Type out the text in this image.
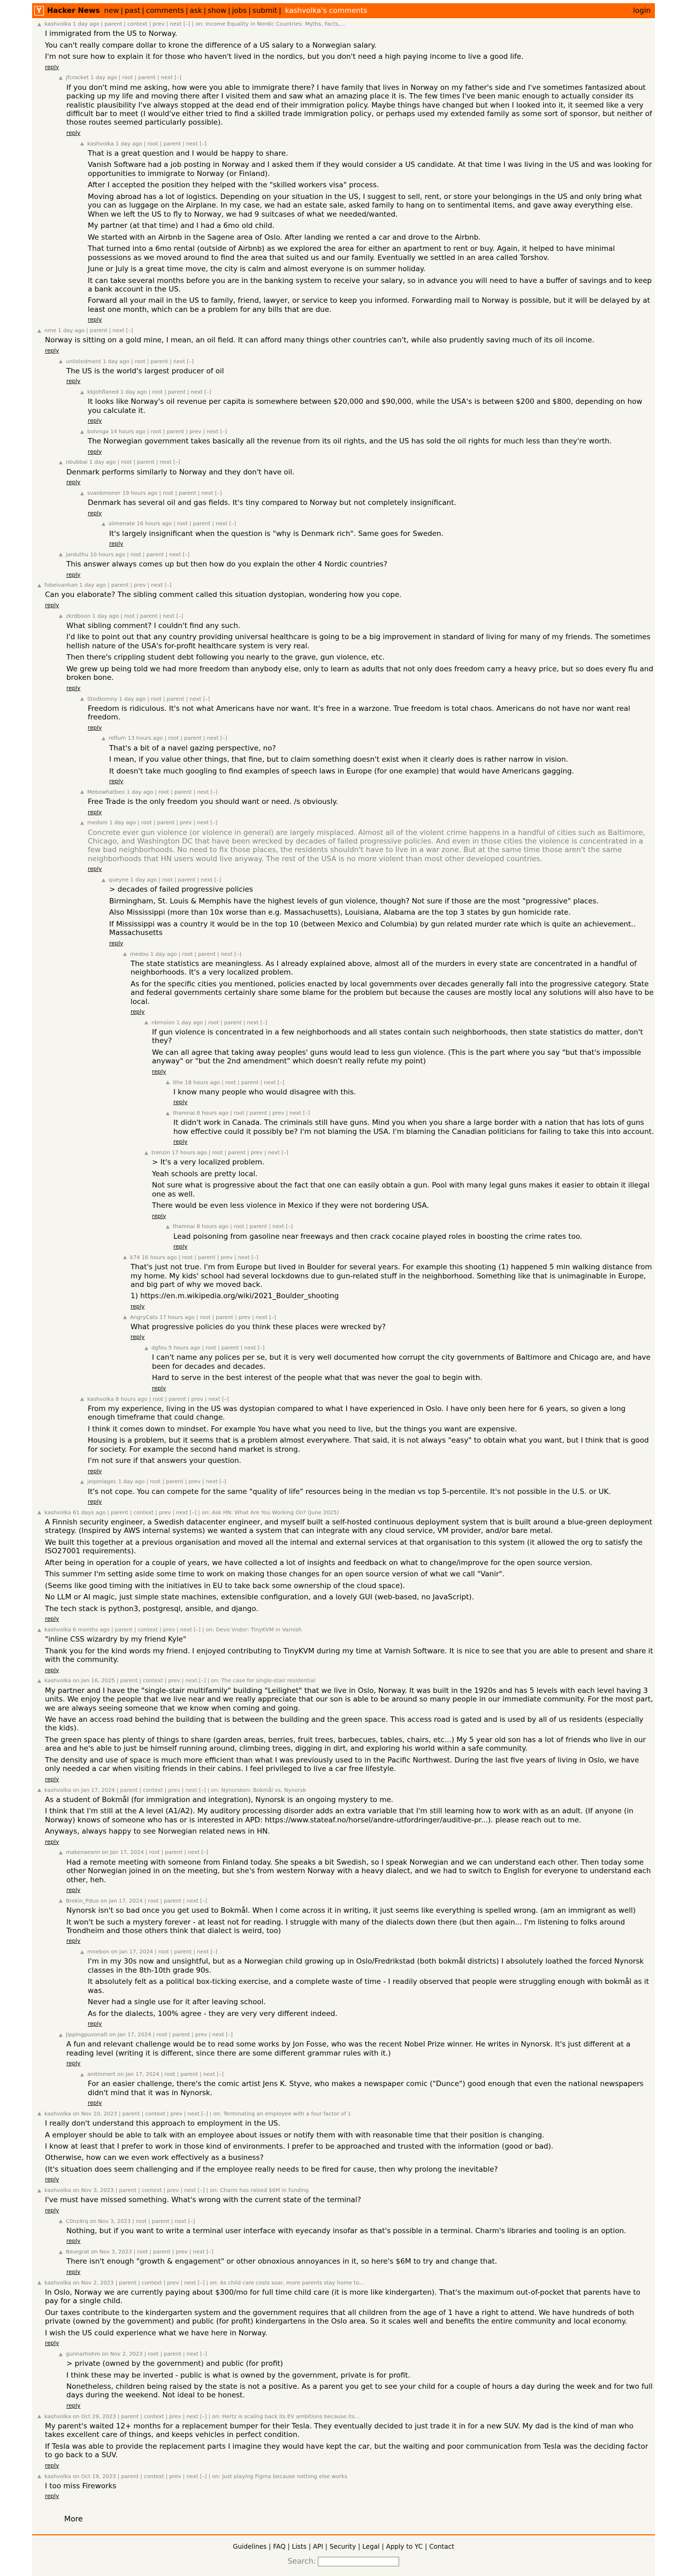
Y Hacker News new | past | comments | ask | show | jobs | submit | kashvolka's comments	login
▲ kashvolka 1 day ago | parent | context | prev | next [–] | on: Income Equality in Nordic Countries: Myths, Facts,...

I immigrated from the US to Norway.

You can't really compare dollar to krone the difference of a US salary to a Norwegian salary.

I'm not sure how to explain it for those who haven't lived in the nordics, but you don't need a high paying income to live a good life.

reply
▲ jfcrocket 1 day ago | root | parent | next [–]

If you don't mind me asking, how were you able to immigrate there? I have family that lives in Norway on my father's side and I've sometimes fantasized about packing up my life and moving there after I visited them and saw what an amazing place it is. The few times I've been manic enough to actually consider its realistic plausibility I've always stopped at the dead end of their immigration policy. Maybe things have changed but when I looked into it, it seemed like a very difficult bar to meet (I would've either tried to find a skilled trade immigration policy, or perhaps used my extended family as some sort of sponsor, but neither of those routes seemed particularly possible).

reply
▲ kashvolka 1 day ago | root | parent | next [–]

That is a great question and I would be happy to share.

Vanish Software had a job posting in Norway and I asked them if they would consider a US candidate. At that time I was living in the US and was looking for opportunities to immigrate to Norway (or Finland).

After I accepted the position they helped with the "skilled workers visa" process.

Moving abroad has a lot of logistics. Depending on your situation in the US, I suggest to sell, rent, or store your belongings in the US and only bring what you can as luggage on the Airplane. In my case, we had an estate sale, asked family to hang on to sentimental items, and gave away everything else. When we left the US to fly to Norway, we had 9 suitcases of what we needed/wanted.

My partner (at that time) and I had a 6mo old child.

We started with an Airbnb in the Sagene area of Oslo. After landing we rented a car and drove to the Airbnb.

That turned into a 6mo rental (outside of Airbnb) as we explored the area for either an apartment to rent or buy. Again, it helped to have minimal possessions as we moved around to find the area that suited us and our family. Eventually we settled in an area called Torshov.

June or July is a great time move, the city is calm and almost everyone is on summer holiday.

It can take several months before you are in the banking system to receive your salary, so in advance you will need to have a buffer of savings and to keep a bank account in the US.

Forward all your mail in the US to family, friend, lawyer, or service to keep you informed. Forwarding mail to Norway is possible, but it will be delayed by at least one month, which can be a problem for any bills that are due.

reply
▲ nme 1 day ago | parent | next [–]

Norway is sitting on a gold mine, I mean, an oil field. It can afford many things other countries can't, while also prudently saving much of its oil income.

reply
▲ unlistedment 1 day ago | root | parent | next [–]

The US is the world's largest producer of oil

reply
▲ kbjohflaned 1 day ago | root | parent | next [–]

It looks like Norway's oil revenue per capita is somewhere between $20,000 and $90,000, while the USA's is between $200 and $800, depending on how you calculate it.

reply
▲ bolvnga 14 hours ago | root | parent | prev | next [–]

The Norwegian government takes basically all the revenue from its oil rights, and the US has sold the oil rights for much less than they're worth.

reply
▲ nbubbai 1 day ago | root | parent | next [–]

Denmark performs similarly to Norway and they don't have oil.

reply
▲ svanbmoner 19 hours ago | root | parent | next [–]

Denmark has several oil and gas fields. It's tiny compared to Norway but not completely insignificant.

reply
▲ siimenate 16 hours ago | root | parent | next [–]

It's largely insignificant when the question is "why is Denmark rich". Same goes for Sweden.

reply
▲ jarduthu 10 hours ago | root | parent | next [–]

This answer always comes up but then how do you explain the other 4 Nordic countries?

reply
▲ fobeivanhan 1 day ago | parent | prev | next [–]

Can you elaborate? The sibling comment called this situation dystopian, wondering how you cope.

reply
▲ zkrdboon 1 day ago | root | parent | next [–]

What sibling comment? I couldn't find any such.

I'd like to point out that any country providing universal healthcare is going to be a big improvement in standard of living for many of my friends. The sometimes hellish nature of the USA's for-profit healthcare system is very real.

Then there's crippling student debt following you nearly to the grave, gun violence, etc.

We grew up being told we had more freedom than anybody else, only to learn as adults that not only does freedom carry a heavy price, but so does every flu and broken bone.

reply
▲ Stodkomny 1 day ago | root | parent | next [–]

Freedom is ridiculous. It's not what Americans have nor want. It's free in a warzone. True freedom is total chaos. Americans do not have nor want real freedom.

reply
▲ refium 13 hours ago | root | parent | next [–]

That's a bit of a navel gazing perspective, no?

I mean, if you value other things, that fine, but to claim something doesn't exist when it clearly does is rather narrow in vision.

It doesn't take much googling to find examples of speech laws in Europe (for one example) that would have Americans gagging.

reply
▲ Mebowhatbeo 1 day ago | root | parent | next [–]

Free Trade is the only freedom you should want or need. /s obviously.

reply
▲ medom 1 day ago | root | parent | prev | next [–]

Concrete ever gun violence (or violence in general) are largely misplaced. Almost all of the violent crime happens in a handful of cities such as Baltimore, Chicago, and Washington DC that have been wrecked by decades of failed progressive policies. And even in those cities the violence is concentrated in a few bad neighborhoods. No need to fix those places, the residents shouldn't have to live in a war zone. But at the same time those aren't the same neighborhoods that HN users would live anyway. The rest of the USA is no more violent than most other developed countries.

reply
▲ queyne 1 day ago | root | parent | next [–]

> decades of failed progressive policies

Birmingham, St. Louis & Memphis have the highest levels of gun violence, though? Not sure if those are the most "progressive" places.

Also Mississippi (more than 10x worse than e.g. Massachusetts), Louisiana, Alabama are the top 3 states by gun homicide rate.

If Mississippi was a country it would be in the top 10 (between Mexico and Columbia) by gun related murder rate which is quite an achievement.. Massachusetts

reply
▲ medou 1 day ago | root | parent | next [–]

The state statistics are meaningless. As I already explained above, almost all of the murders in every state are concentrated in a handful of neighborhoods. It's a very localized problem.

As for the specific cities you mentioned, policies enacted by local governments over decades generally fall into the progressive category. State and federal governments certainly share some blame for the problem but because the causes are mostly local any solutions will also have to be local.

reply
▲ nbrnsion 1 day ago | root | parent | next [–]

If gun violence is concentrated in a few neighborhoods and all states contain such neighborhoods, then state statistics do matter, don't they?

We can all agree that taking away peoples' guns would lead to less gun violence. (This is the part where you say "but that's impossible anyway" or "but the 2nd amendment" which doesn't really refute my point)

reply
▲ ithe 18 hours ago | root | parent | next [–]

I know many people who would disagree with this.

reply
▲ thamnai 8 hours ago | root | parent | prev | next [–]

It didn't work in Canada. The criminals still have guns. Mind you when you share a large border with a nation that has lots of guns how effective could it possibly be? I'm not blaming the USA. I'm blaming the Canadian politicians for failing to take this into account.

reply
▲ trenzin 17 hours ago | root | parent | prev | next [–]

> It's a very localized problem.

Yeah schools are pretty local.

Not sure what is progressive about the fact that one can easily obtain a gun. Pool with many legal guns makes it easier to obtain it illegal one as well.

There would be even less violence in Mexico if they were not bordering USA.

reply
▲ thamnai 8 hours ago | root | parent | next [–]

Lead poisoning from gasoline near freeways and then crack cocaine played roles in boosting the crime rates too.

reply
▲ k74 16 hours ago | root | parent | prev | next [–]

That's just not true. I'm from Europe but lived in Boulder for several years. For example this shooting (1) happened 5 min walking distance from my home. My kids' school had several lockdowns due to gun-related stuff in the neighborhood. Something like that is unimaginable in Europe, and big part of why we moved back.

1) https://en.m.wikipedia.org/wiki/2021_Boulder_shooting

reply
▲ AngryCats 17 hours ago | root | parent | prev | next [–]

What progressive policies do you think these places were wrecked by?

reply
▲ dgfou 5 hours ago | root | parent | next [–]

I can't name any polices per se, but it is very well documented how corrupt the city governments of Baltimore and Chicago are, and have been for decades and decades.

Hard to serve in the best interest of the people what that was never the goal to begin with.

reply
▲ kashvolka 8 hours ago | root | parent | prev | next [–]

From my experience, living in the US was dystopian compared to what I have experienced in Oslo. I have only been here for 6 years, so given a long enough timeframe that could change.

I think it comes down to mindset. For example You have what you need to live, but the things you want are expensive.

Housing is a problem, but it seems that is a problem almost everywhere. That said, it is not always "easy" to obtain what you want, but I think that is good for society. For example the second hand market is strong.

I'm not sure if that answers your question.

reply
▲ jeqonlagec 1 day ago | root | parent | prev | next [–]

It's not cope. You can compete for the same "quality of life" resources being in the median vs top 5-percentile. It's not possible in the U.S. or UK.

reply
▲ kashvolka 61 days ago | parent | context | prev | next [–] | on: Ask HN: What Are You Working On? (June 2025)

A Finnish security engineer, a Swedish datacenter engineer, and myself built a self-hosted continuous deployment system that is built around a blue-green deployment strategy. (Inspired by AWS internal systems) we wanted a system that can integrate with any cloud service, VM provider, and/or bare metal.

We built this together at a previous organisation and moved all the internal and external services at that organisation to this system (it allowed the org to satisfy the ISO27001 requirements).

After being in operation for a couple of years, we have collected a lot of insights and feedback on what to change/improve for the open source version.

This summer I'm setting aside some time to work on making those changes for an open source version of what we call "Vanir".

(Seems like good timing with the initiatives in EU to take back some ownership of the cloud space).

No LLM or AI magic, just simple state machines, extensible configuration, and a lovely GUI (web-based, no JavaScript).

The tech stack is python3, postgresql, ansible, and django.

reply
▲ kashvolka 6 months ago | parent | context | prev | next [–] | on: Devo Vndor: TinyKVM in Varnish

"inline CSS wizardry by my friend Kyle"

Thank you for the kind words my friend. I enjoyed contributing to TinyKVM during my time at Varnish Software. It is nice to see that you are able to present and share it with the community.

reply
▲ kashvolka on Jan 16, 2025 | parent | context | prev | next [–] | on: The case for single-stair residential

My partner and I have the "single-stair multifamily" building "Leilighet" that we live in Oslo, Norway. It was built in the 1920s and has 5 levels with each level having 3 units. We enjoy the people that we live near and we really appreciate that our son is able to be around so many people in our immediate community. For the most part, we are always seeing someone that we know when coming and going.

We have an access road behind the building that is between the building and the green space. This access road is gated and is used by all of us residents (especially the kids).

The green space has plenty of things to share (garden areas, berries, fruit trees, barbecues, tables, chairs, etc...) My 5 year old son has a lot of friends who live in our area and he's able to just be himself running around, climbing trees, digging in dirt, and exploring his world within a safe community.

The density and use of space is much more efficient than what I was previously used to in the Pacific Northwest. During the last five years of living in Oslo, we have only needed a car when visiting friends in their cabins. I feel privileged to live a car free lifestyle.

reply
▲ kashvolka on Jan 17, 2024 | parent | context | prev | next [–] | on: Nynorsken: Bokmål vs. Nynorsk

As a student of Bokmål (for immigration and integration), Nynorsk is an ongoing mystery to me.

I think that I'm still at the A level (A1/A2). My auditory processing disorder adds an extra variable that I'm still learning how to work with as an adult. (If anyone (in Norway) knows of someone who has or is interested in APD: https://www.stateaf.no/horsel/andre-utfordringer/auditive-pr...). please reach out to me.

Anyways, always happy to see Norwegian related news in HN.

reply
▲ makenaesnn on Jan 17, 2024 | root | parent | next [–]

Had a remote meeting with someone from Finland today. She speaks a bit Swedish, so I speak Norwegian and we can understand each other. Then today some other Norwegian joined in on the meeting, but she's from western Norway with a heavy dialect, and we had to switch to English for everyone to understand each other, heh.

reply
▲ Brekin_Pduo on Jan 17, 2024 | root | parent | next [–]

Nynorsk isn't so bad once you get used to Bokmål. When I come across it in writing, it just seems like everything is spelled wrong. (am an immigrant as well)

It won't be such a mystery forever - at least not for reading. I struggle with many of the dialects down there (but then again... I'm listening to folks around Trondheim and those others think that dialect is weird, too)

reply
▲ mnebon on Jan 17, 2024 | root | parent | next [–]

I'm in my 30s now and unsightful, but as a Norwegian child growing up in Oslo/Fredrikstad (both bokmål districts) I absolutely loathed the forced Nynorsk classes in the 8th-10th grade 90s.

It absolutely felt as a political box-ticking exercise, and a complete waste of time - I readily observed that people were struggling enough with bokmål as it was.

Never had a single use for it after leaving school.

As for the dialects, 100% agree - they are very very different indeed.

reply
▲ Jippingpuvonalt on Jan 17, 2024 | root | parent | prev | next [–]

A fun and relevant challenge would be to read some works by Jon Fosse, who was the recent Nobel Prize winner. He writes in Nynorsk. It's just different at a reading level (writing it is different, since there are some different grammar rules with it.)

reply
▲ anitmmert on Jan 17, 2024 | root | parent | next [–]

For an easier challenge, there's the comic artist Jens K. Styve, who makes a newspaper comic ("Dunce") good enough that even the national newspapers didn't mind that it was in Nynorsk.

reply
▲ kashvolka on Nov 10, 2023 | parent | context | prev | next [–] | on: Terminating an employee with a four factor of 1

I really don't understand this approach to employment in the US.

A employer should be able to talk with an employee about issues or notify them with with reasonable time that their position is changing.

I know at least that I prefer to work in those kind of environments. I prefer to be approached and trusted with the information (good or bad).

Otherwise, how can we even work effectively as a business?

(It's situation does seem challenging and if the employee really needs to be fired for cause, then why prolong the inevitable?

reply
▲ kashvolka on Nov 3, 2023 | parent | context | prev | next [–] | on: Charm has raised $6M in funding

I've must have missed something. What's wrong with the current state of the terminal?

reply
▲ C0nz4rq on Nov 3, 2023 | root | parent | next [–]

Nothing, but if you want to write a terminal user interface with eyecandy insofar as that's possible in a terminal. Charm's libraries and tooling is an option.

reply
▲ Beurgrat on Nov 3, 2023 | root | parent | prev | next [–]

There isn't enough "growth & engagement" or other obnoxious annoyances in it, so here's $6M to try and change that.

reply
▲ kashvolka on Nov 2, 2023 | parent | context | prev | next [–] | on: As child care costs soar, more parents stay home to...

In Oslo, Norway we are currently paying about $300/mo for full time child care (it is more like kindergarten). That's the maximum out-of-pocket that parents have to pay for a single child.

Our taxes contribute to the kindergarten system and the government requires that all children from the age of 1 have a right to attend. We have hundreds of both private (owned by the government) and public (for profit) kindergartens in the Oslo area. So it scales well and benefits the entire community and local economy.

I wish the US could experience what we have here in Norway.

reply
▲ gunnarhohm on Nov 2, 2023 | root | parent | next [–]

> private (owned by the government) and public (for profit)

I think these may be inverted - public is what is owned by the government, private is for profit.

Nonetheless, children being raised by the state is not a positive. As a parent you get to see your child for a couple of hours a day during the week and for two full days during the weekend. Not ideal to be honest.

reply
▲ kashvolka on Oct 29, 2023 | parent | context | prev | next [–] | on: Hertz is scaling back its EV ambitions because its...

My parent's waited 12+ months for a replacement bumper for their Tesla. They eventually decided to just trade it in for a new SUV. My dad is the kind of man who takes excellent care of things, and keeps vehicles in perfect condition.

If Tesla was able to provide the replacement parts I imagine they would have kept the car, but the waiting and poor communication from Tesla was the deciding factor to go back to a SUV.

reply
▲ kashvolka on Oct 19, 2023 | parent | context | prev | next [–] | on: Just playing Figma because nothing else works

I too miss Fireworks

reply
More
Guidelines | FAQ | Lists | API | Security | Legal | Apply to YC | Contact
Search:
